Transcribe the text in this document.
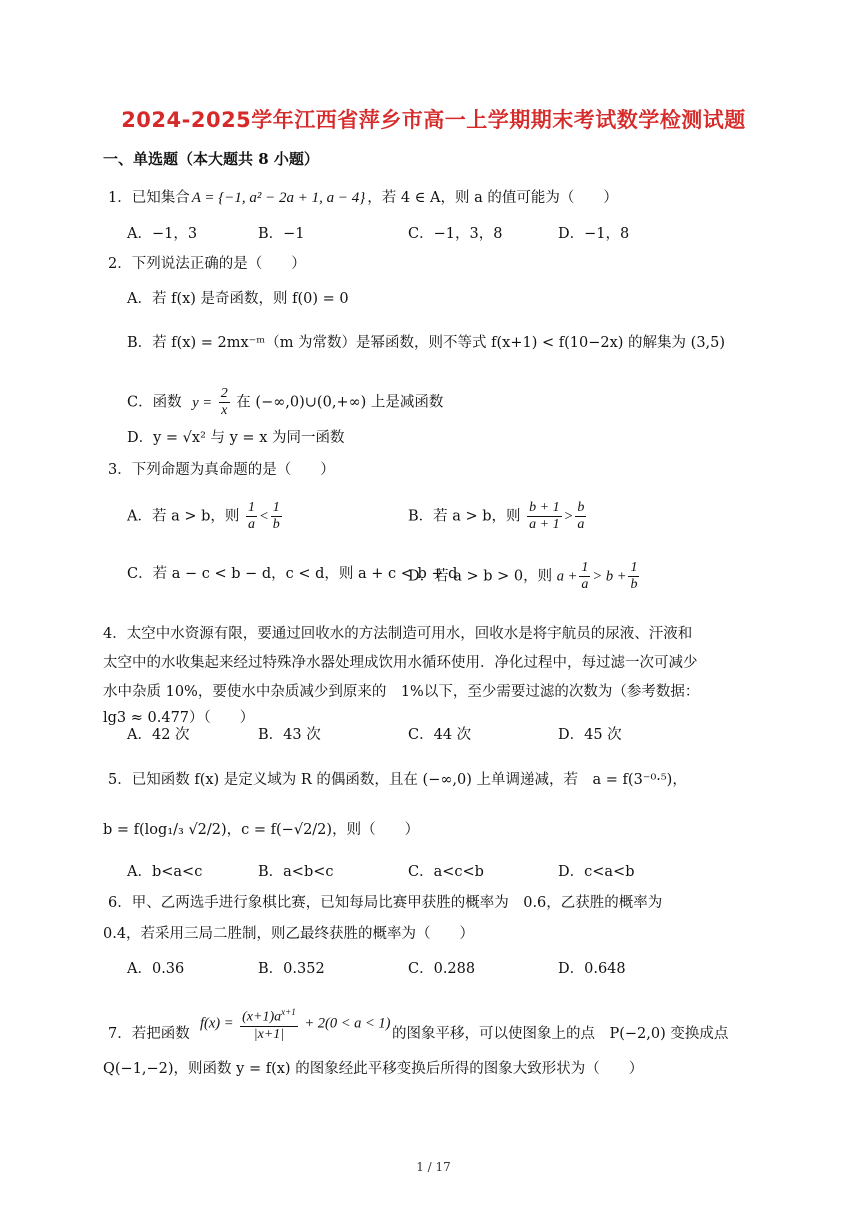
2024-2025学年江西省萍乡市高一上学期期末考试数学检测试题
一、单选题（本大题共 8 小题）
1．已知集合 A = {−1, a² − 2a + 1, a − 4} ，若 4 ∈ A，则 a 的值可能为（　　）
A．−1，3	B．−1	C．−1，3，8	D．−1，8
2．下列说法正确的是（　　）
A．若 f(x) 是奇函数，则 f(0) = 0
B．若 f(x) = 2mx⁻ᵐ（m 为常数）是幂函数，则不等式 f(x+1) < f(10−2x) 的解集为 (3,5)
C．函数 $y = \frac{2}{x}$ 在 (−∞,0)∪(0,+∞) 上是减函数
D．y = √x² 与 y = x 为同一函数
3．下列命题为真命题的是（　　）
A．若 a > b，则 $\frac{1}{a} < \frac{1}{b}$	B．若 a > b，则 $\frac{b + 1}{a + 1} > \frac{b}{a}$
C．若 a − c < b − d，c < d，则 a + c < b + d
D．若 a > b > 0，则 $a + \frac{1}{a} > b + \frac{1}{b}$
4．太空中水资源有限，要通过回收水的方法制造可用水，回收水是将宇航员的尿液、汗液和
太空中的水收集起来经过特殊净水器处理成饮用水循环使用．净化过程中，每过滤一次可减少
水中杂质 10%，要使水中杂质减少到原来的　1%以下，至少需要过滤的次数为（参考数据：
lg3 ≈ 0.477）（　　）
A．42 次	B．43 次	C．44 次	D．45 次
5．已知函数 f(x) 是定义域为 R 的偶函数，且在 (−∞,0) 上单调递减，若　a = f(3⁻⁰·⁵)，
b = f(log₁/₃ √2/2)，c = f(−√2/2)，则（　　）
A．b<a<c	B．a<b<c	C．a<c<b	D．c<a<b
6．甲、乙两选手进行象棋比赛，已知每局比赛甲获胜的概率为　0.6，乙获胜的概率为
0.4，若采用三局二胜制，则乙最终获胜的概率为（　　）
A．0.36	B．0.352	C．0.288	D．0.648
7．若把函数
$f(x) = \frac{(x+1)a^{x+1}}{|x+1|} + 2(0 < a < 1)$
的图象平移，可以使图象上的点　P(−2,0) 变换成点
Q(−1,−2)，则函数 y = f(x) 的图象经此平移变换后所得的图象大致形状为（　　）
1 / 17
